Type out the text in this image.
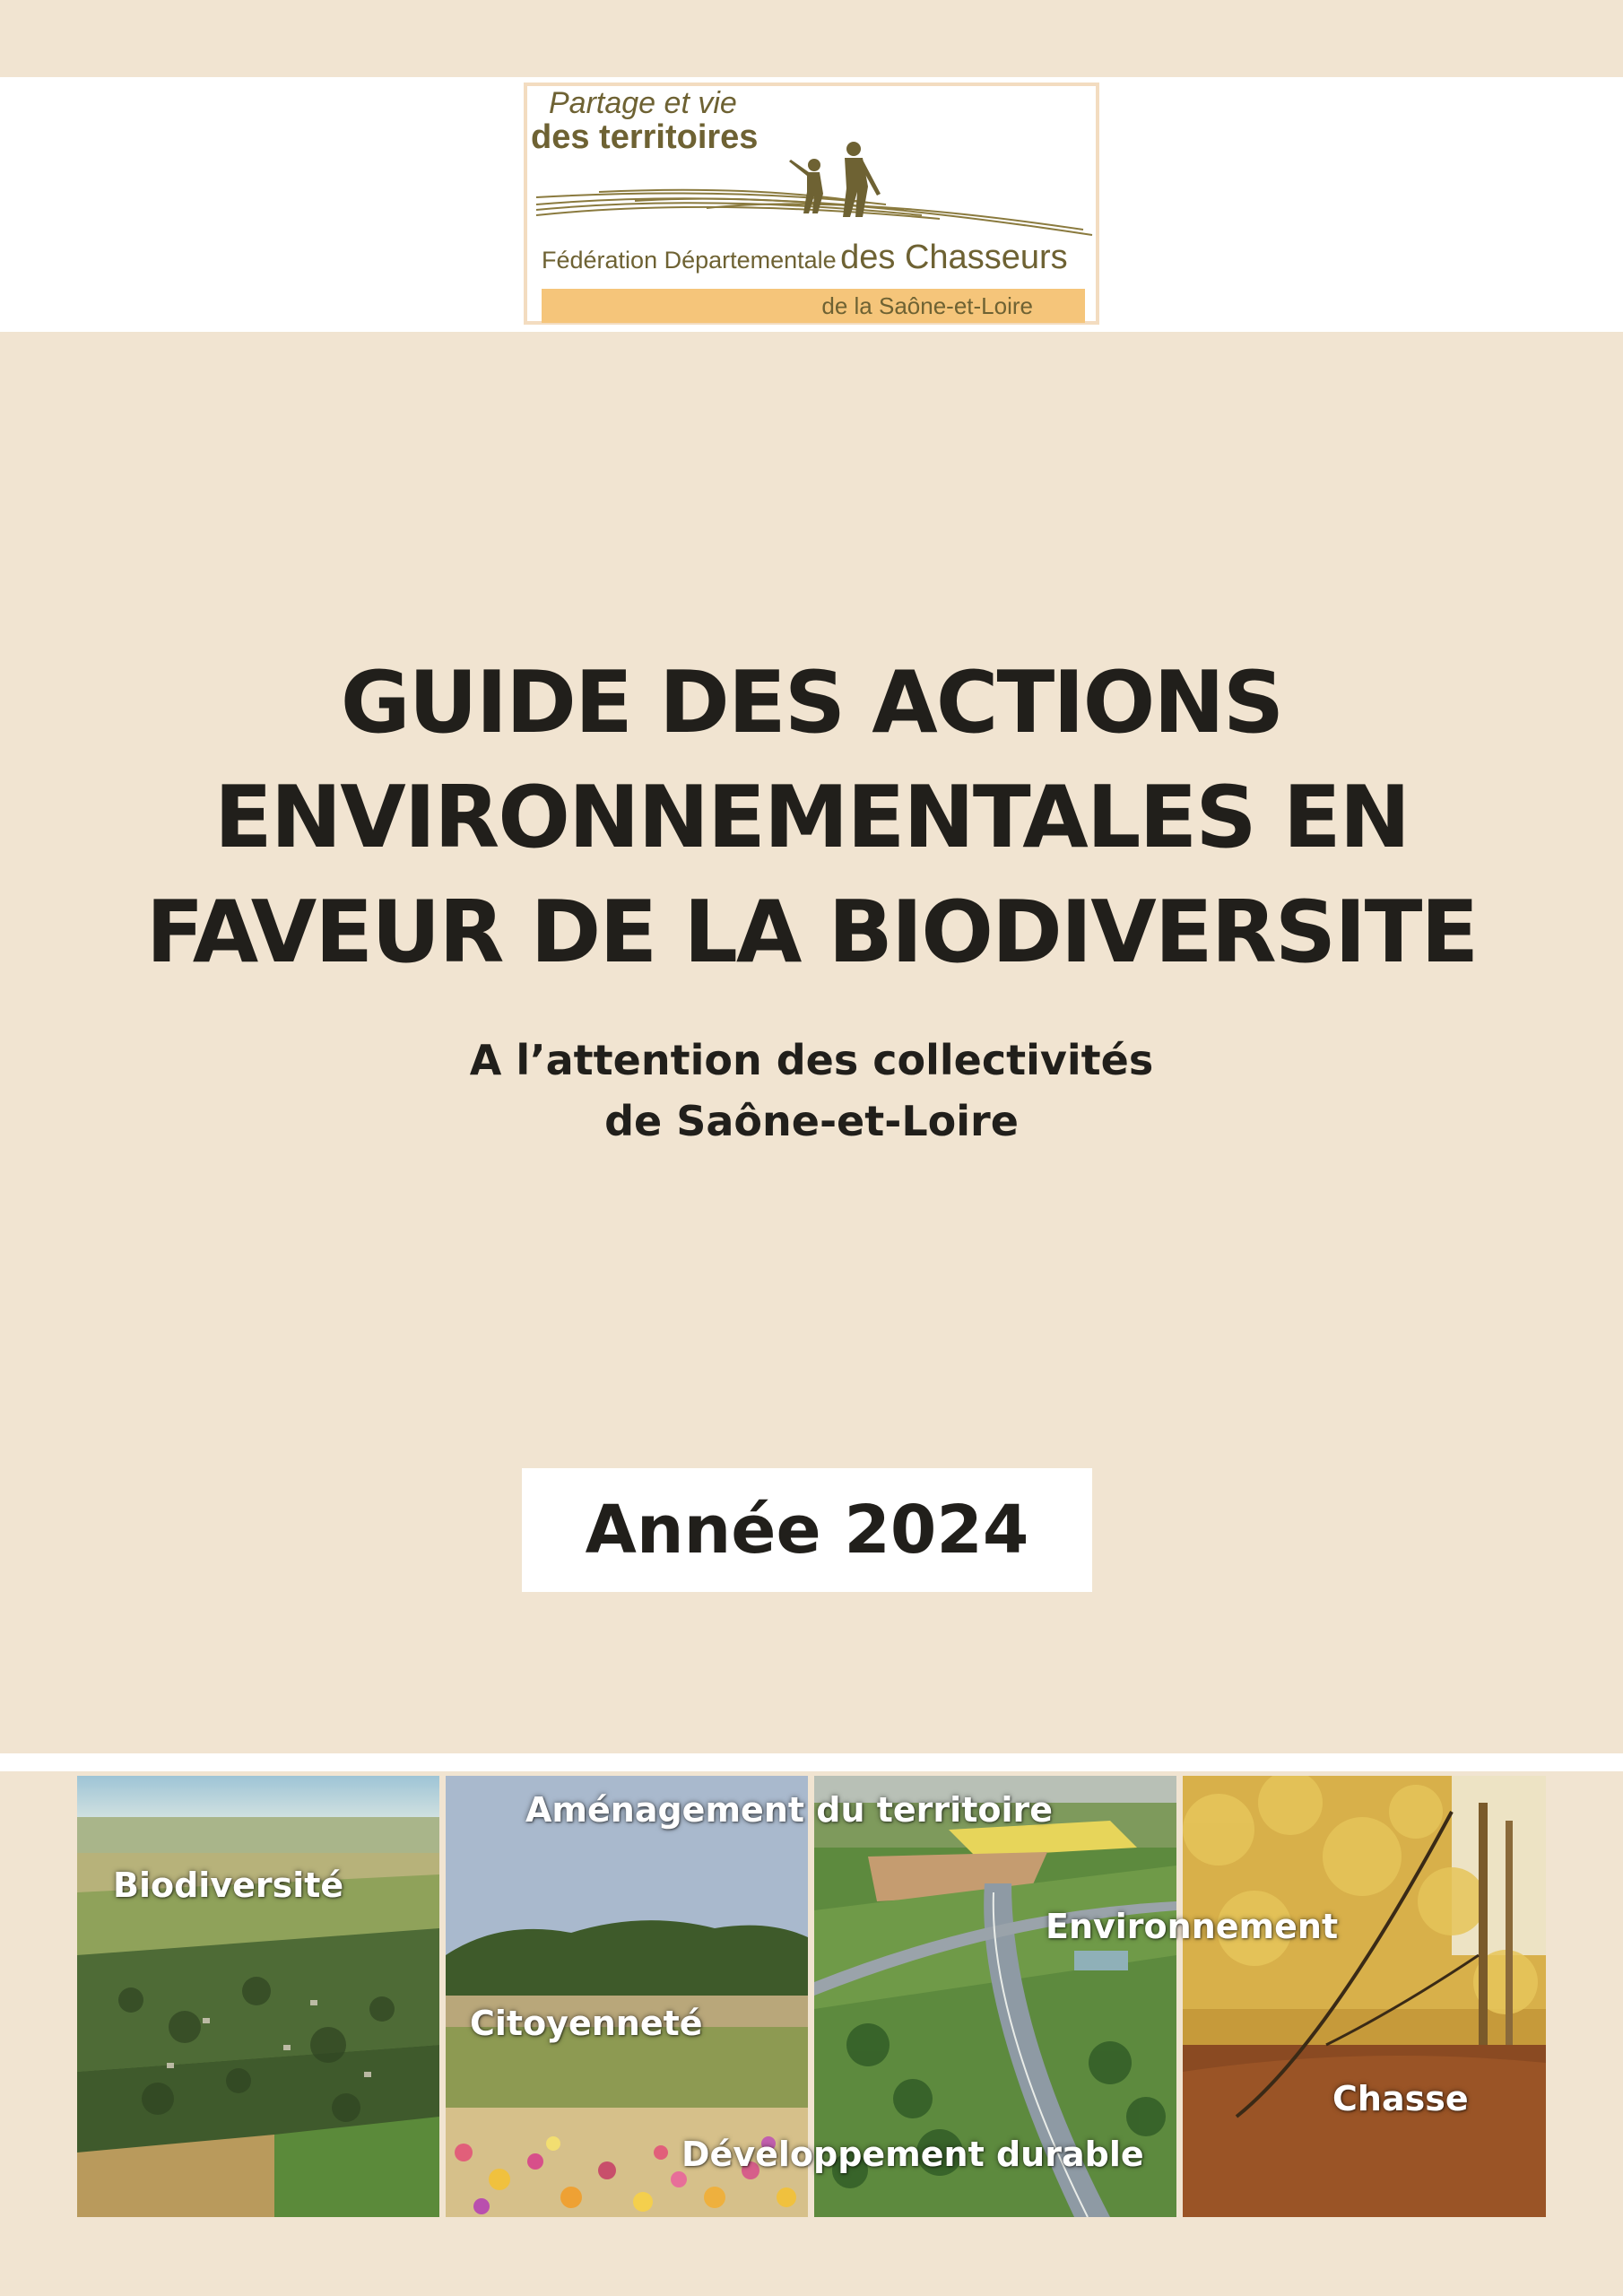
Partage et vie
des territoires
Fédération Départementale des Chasseurs
de la Saône-et-Loire
GUIDE DES ACTIONS
ENVIRONNEMENTALES EN
FAVEUR DE LA BIODIVERSITE
A l’attention des collectivités
de Saône-et-Loire
Année 2024
Biodiversité
Aménagement du territoire
Citoyenneté
Environnement
Développement durable
Chasse
